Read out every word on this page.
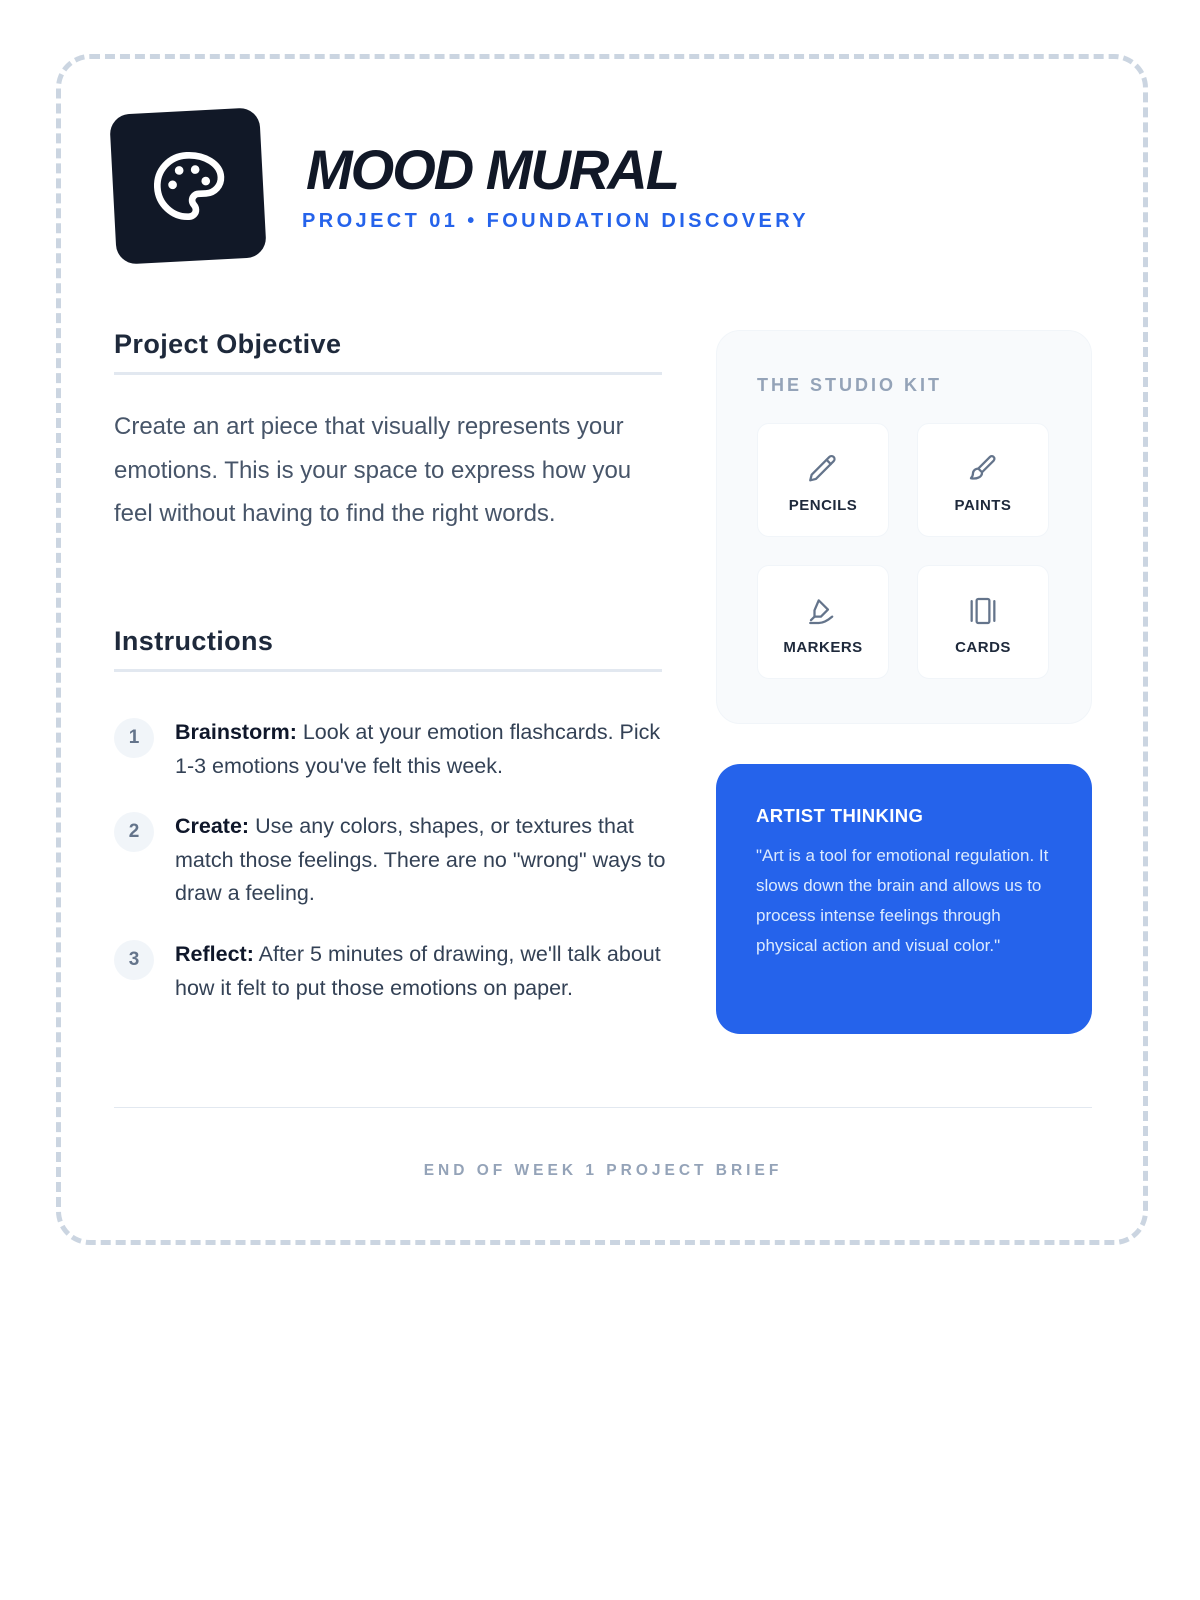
MOOD MURAL
PROJECT 01 • FOUNDATION DISCOVERY
Project Objective

Create an art piece that visually represents your emotions. This is your space to express how you feel without having to find the right words.

Instructions
1	Brainstorm: Look at your emotion flashcards. Pick 1-3 emotions you've felt this week.

2	Create: Use any colors, shapes, or textures that match those feelings. There are no "wrong" ways to draw a feeling.

3	Reflect: After 5 minutes of drawing, we'll talk about how it felt to put those emotions on paper.

THE STUDIO KIT
PENCILS	PAINTS
MARKERS	CARDS
ARTIST THINKING

"Art is a tool for emotional regulation. It slows down the brain and allows us to process intense feelings through physical action and visual color."

END OF WEEK 1 PROJECT BRIEF
